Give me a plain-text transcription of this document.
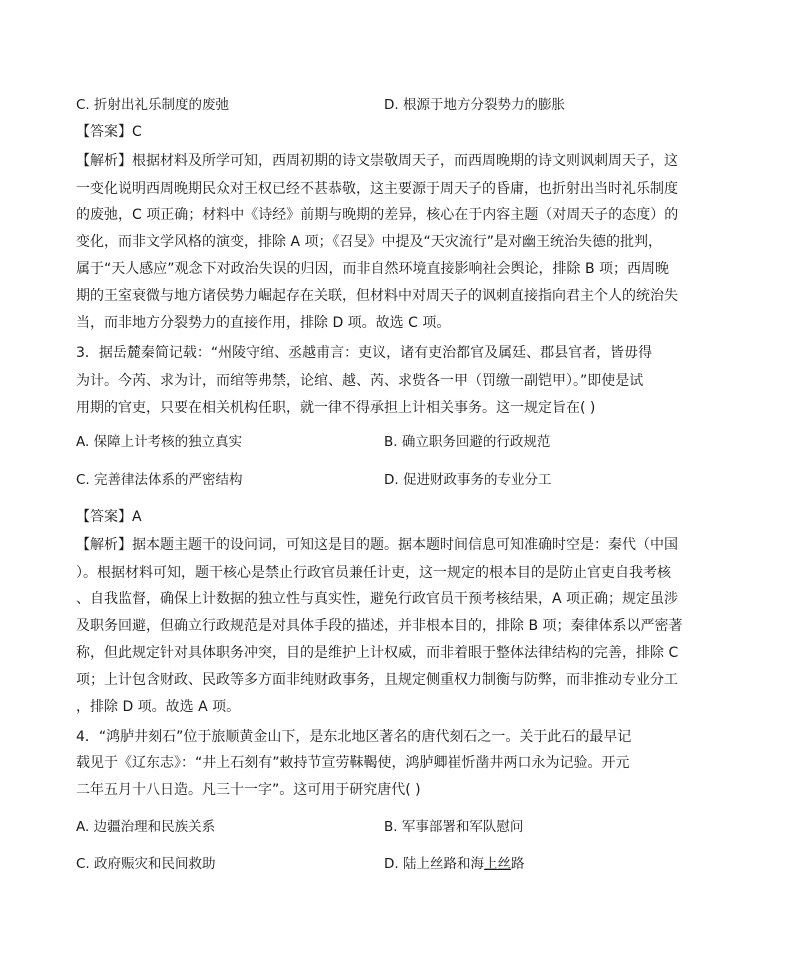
C. 折射出礼乐制度的废弛	D. 根源于地方分裂势力的膨胀
【答案】C
【解析】根据材料及所学可知，西周初期的诗文崇敬周天子，而西周晚期的诗文则讽刺周天子，这
一变化说明西周晚期民众对王权已经不甚恭敬，这主要源于周天子的昏庸，也折射出当时礼乐制度
的废弛，C 项正确；材料中《诗经》前期与晚期的差异，核心在于内容主题（对周天子的态度）的
变化，而非文学风格的演变，排除 A 项；《召旻》中提及“天灾流行”是对幽王统治失德的批判，
属于“天人感应”观念下对政治失误的归因，而非自然环境直接影响社会舆论，排除 B 项；西周晚
期的王室衰微与地方诸侯势力崛起存在关联，但材料中对周天子的讽刺直接指向君主个人的统治失
当，而非地方分裂势力的直接作用，排除 D 项。故选 C 项。
3．据岳麓秦简记载：“州陵守绾、丞越甫言：吏议，诸有吏治都官及属廷、郡县官者，皆毋得
为计。今芮、求为计，而绾等弗禁，论绾、越、芮、求赀各一甲（罚缴一副铠甲）。”即使是试
用期的官吏，只要在相关机构任职，就一律不得承担上计相关事务。这一规定旨在( )
A. 保障上计考核的独立真实	B. 确立职务回避的行政规范
C. 完善律法体系的严密结构	D. 促进财政事务的专业分工
【答案】A
【解析】据本题主题干的设问词，可知这是目的题。据本题时间信息可知准确时空是：秦代（中国
）。根据材料可知，题干核心是禁止行政官员兼任计吏，这一规定的根本目的是防止官吏自我考核
、自我监督，确保上计数据的独立性与真实性，避免行政官员干预考核结果，A 项正确；规定虽涉
及职务回避，但确立行政规范是对具体手段的描述，并非根本目的，排除 B 项；秦律体系以严密著
称，但此规定针对具体职务冲突，目的是维护上计权威，而非着眼于整体法律结构的完善，排除 C
项；上计包含财政、民政等多方面非纯财政事务，且规定侧重权力制衡与防弊，而非推动专业分工
，排除 D 项。故选 A 项。
4．“鸿胪井刻石”位于旅顺黄金山下，是东北地区著名的唐代刻石之一。关于此石的最早记
载见于《辽东志》：“井上石刻有”敕持节宣劳靺鞨使，鸿胪卿崔忻凿井两口永为记验。开元
二年五月十八日造。凡三十一字”。这可用于研究唐代( )
A. 边疆治理和民族关系	B. 军事部署和军队慰问
C. 政府赈灾和民间救助	D. 陆上丝路和海上丝路
